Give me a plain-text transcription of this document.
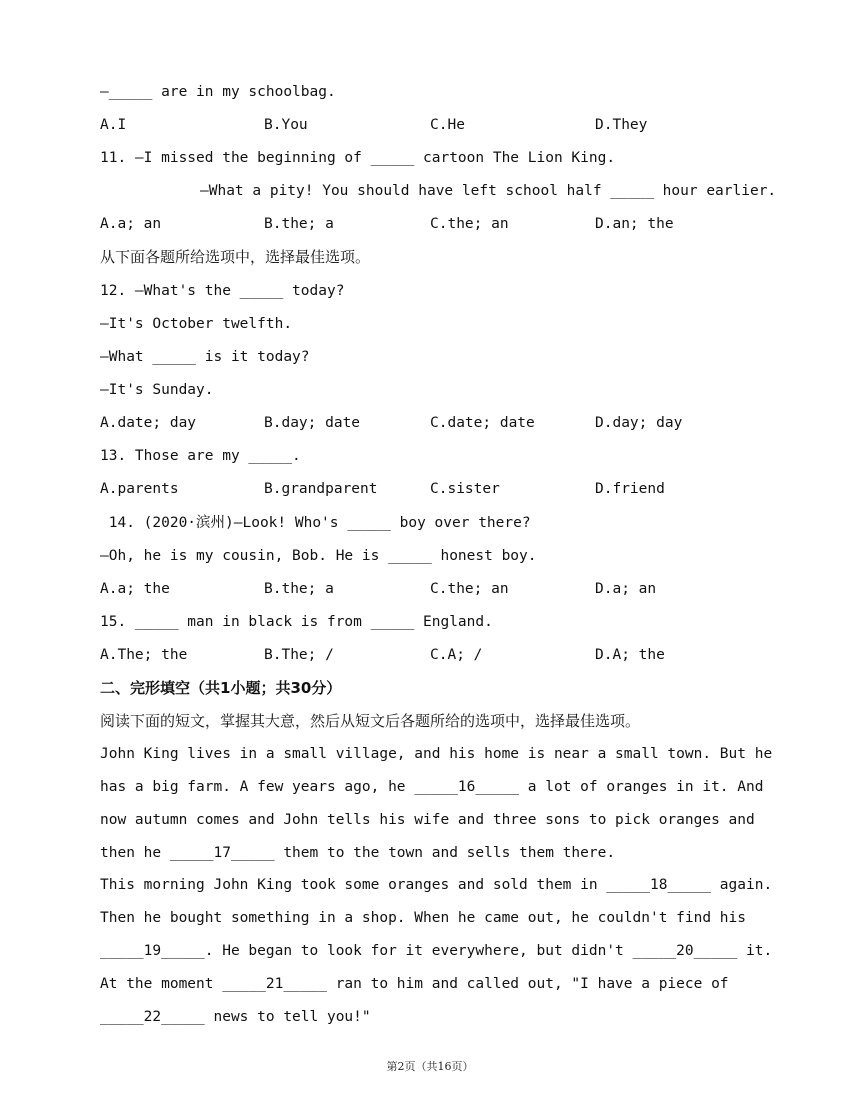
—_____ are in my schoolbag.
A.I	B.You	C.He	D.They
11. —I missed the beginning of _____ cartoon The Lion King.
—What a pity! You should have left school half _____ hour earlier.
A.a; an	B.the; a	C.the; an	D.an; the
从下面各题所给选项中，选择最佳选项。
12. —What's the _____ today?
—It's October twelfth.
—What _____ is it today?
—It's Sunday.
A.date; day	B.day; date	C.date; date	D.day; day
13. Those are my _____.
A.parents	B.grandparent	C.sister	D.friend
14. (2020·滨州)—Look! Who's _____ boy over there?
—Oh, he is my cousin, Bob. He is _____ honest boy.
A.a; the	B.the; a	C.the; an	D.a; an
15. _____ man in black is from _____ England.
A.The; the	B.The; /	C.A; /	D.A; the
二、完形填空（共1小题；共30分）
阅读下面的短文，掌握其大意，然后从短文后各题所给的选项中，选择最佳选项。
John King lives in a small village, and his home is near a small town. But he
has a big farm. A few years ago, he _____16_____ a lot of oranges in it. And
now autumn comes and John tells his wife and three sons to pick oranges and
then he _____17_____ them to the town and sells them there.
This morning John King took some oranges and sold them in _____18_____ again.
Then he bought something in a shop. When he came out, he couldn't find his
_____19_____. He began to look for it everywhere, but didn't _____20_____ it.
At the moment _____21_____ ran to him and called out, "I have a piece of
_____22_____ news to tell you!"
第2页（共16页）
